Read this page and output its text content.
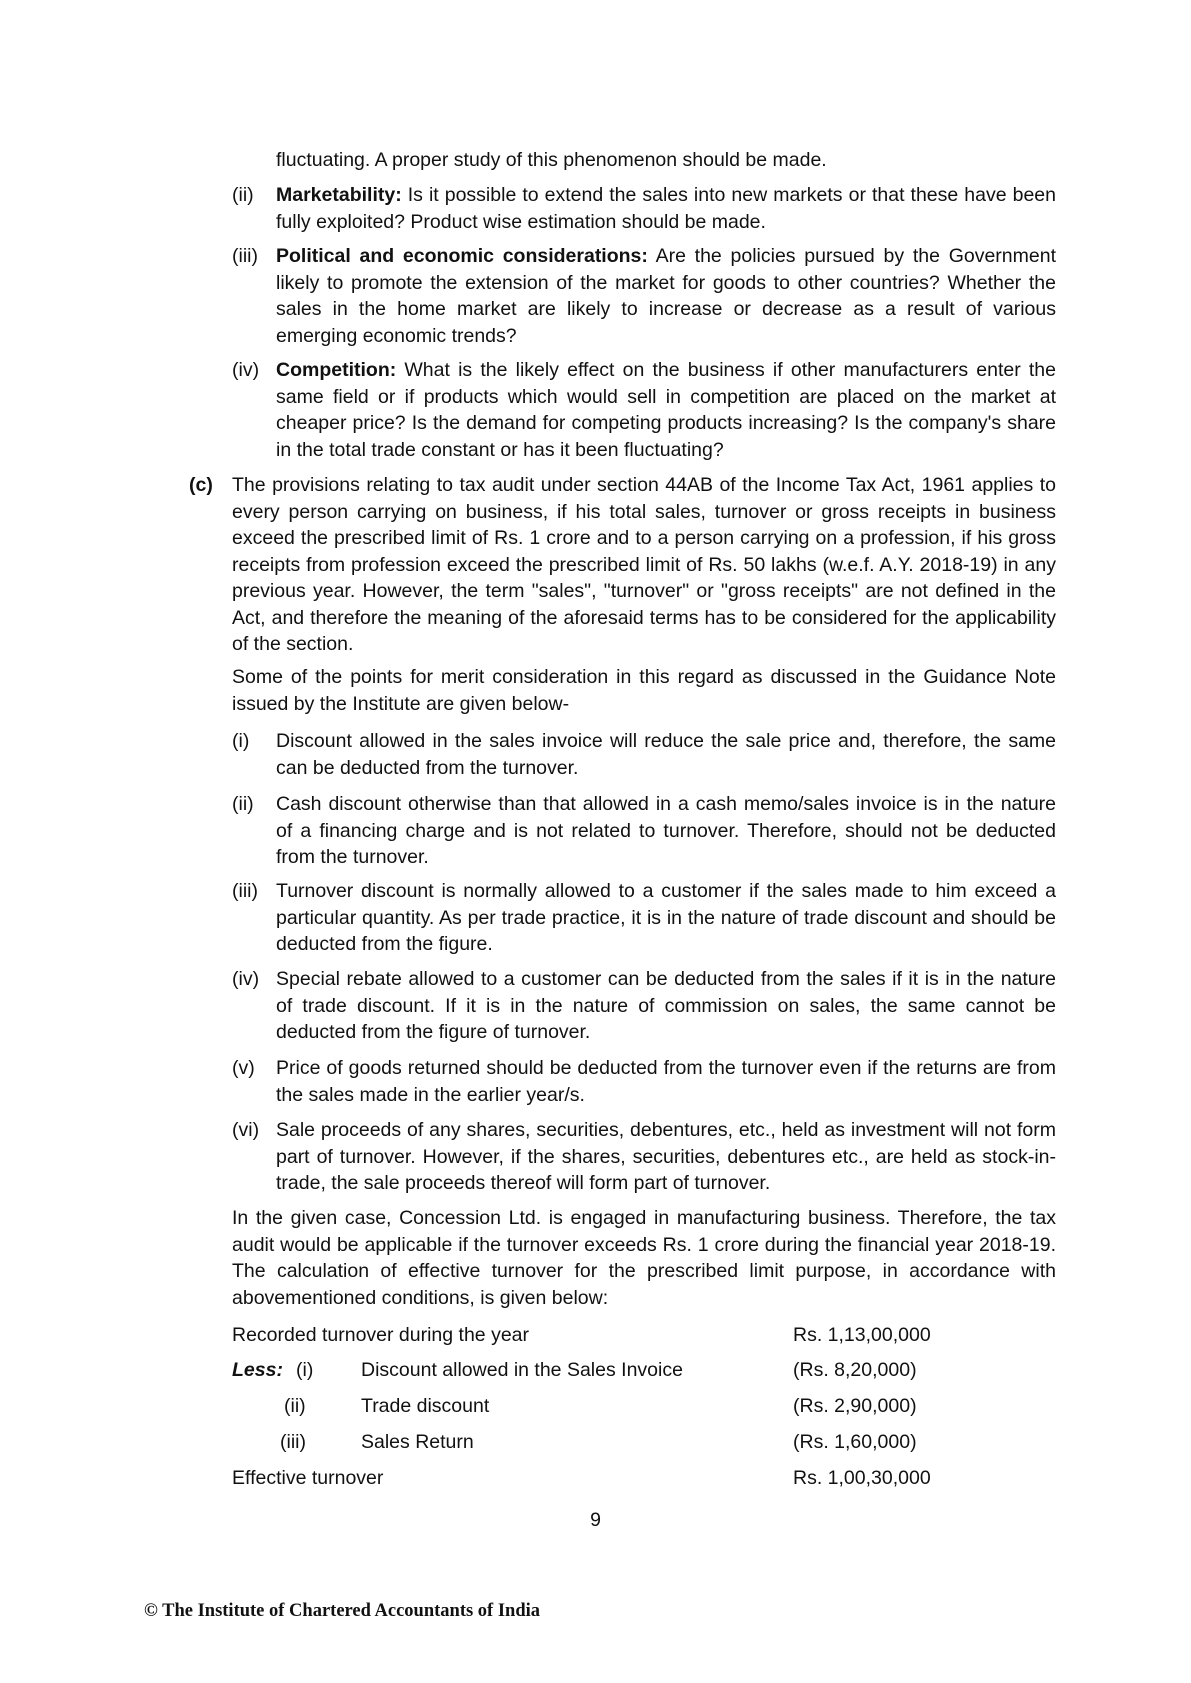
fluctuating. A proper study of this phenomenon should be made.
(ii) Marketability: Is it possible to extend the sales into new markets or that these have been fully exploited? Product wise estimation should be made.
(iii) Political and economic considerations: Are the policies pursued by the Government likely to promote the extension of the market for goods to other countries? Whether the sales in the home market are likely to increase or decrease as a result of various emerging economic trends?
(iv) Competition: What is the likely effect on the business if other manufacturers enter the same field or if products which would sell in competition are placed on the market at cheaper price? Is the demand for competing products increasing? Is the company's share in the total trade constant or has it been fluctuating?
(c) The provisions relating to tax audit under section 44AB of the Income Tax Act, 1961 applies to every person carrying on business, if his total sales, turnover or gross receipts in business exceed the prescribed limit of Rs. 1 crore and to a person carrying on a profession, if his gross receipts from profession exceed the prescribed limit of Rs. 50 lakhs (w.e.f. A.Y. 2018-19) in any previous year. However, the term "sales", "turnover" or "gross receipts" are not defined in the Act, and therefore the meaning of the aforesaid terms has to be considered for the applicability of the section.
Some of the points for merit consideration in this regard as discussed in the Guidance Note issued by the Institute are given below-
(i) Discount allowed in the sales invoice will reduce the sale price and, therefore, the same can be deducted from the turnover.
(ii) Cash discount otherwise than that allowed in a cash memo/sales invoice is in the nature of a financing charge and is not related to turnover. Therefore, should not be deducted from the turnover.
(iii) Turnover discount is normally allowed to a customer if the sales made to him exceed a particular quantity. As per trade practice, it is in the nature of trade discount and should be deducted from the figure.
(iv) Special rebate allowed to a customer can be deducted from the sales if it is in the nature of trade discount. If it is in the nature of commission on sales, the same cannot be deducted from the figure of turnover.
(v) Price of goods returned should be deducted from the turnover even if the returns are from the sales made in the earlier year/s.
(vi) Sale proceeds of any shares, securities, debentures, etc., held as investment will not form part of turnover. However, if the shares, securities, debentures etc., are held as stock-in-trade, the sale proceeds thereof will form part of turnover.
In the given case, Concession Ltd. is engaged in manufacturing business. Therefore, the tax audit would be applicable if the turnover exceeds Rs. 1 crore during the financial year 2018-19. The calculation of effective turnover for the prescribed limit purpose, in accordance with abovementioned conditions, is given below:
Recorded turnover during the year	Rs. 1,13,00,000
Less: (i) Discount allowed in the Sales Invoice	(Rs. 8,20,000)
(ii)	Trade discount	(Rs. 2,90,000)
(iii)	Sales Return	(Rs. 1,60,000)
Effective turnover	Rs. 1,00,30,000
9
© The Institute of Chartered Accountants of India
